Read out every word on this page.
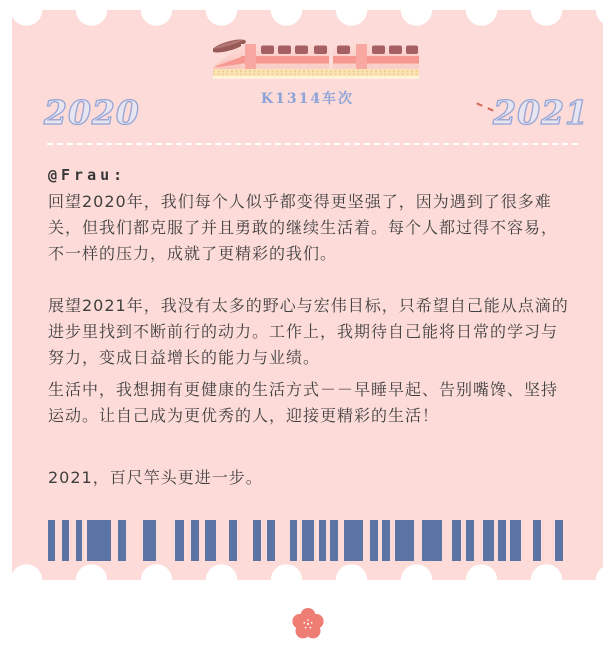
K1314车次
2020	2021

@Frau:

回望2020年，我们每个人似乎都变得更坚强了，因为遇到了很多难关，但我们都克服了并且勇敢的继续生活着。每个人都过得不容易，不一样的压力，成就了更精彩的我们。

展望2021年，我没有太多的野心与宏伟目标，只希望自己能从点滴的进步里找到不断前行的动力。工作上，我期待自己能将日常的学习与努力，变成日益增长的能力与业绩。

生活中，我想拥有更健康的生活方式－－早睡早起、告别嘴馋、坚持运动。让自己成为更优秀的人，迎接更精彩的生活！

2021，百尺竿头更进一步。
